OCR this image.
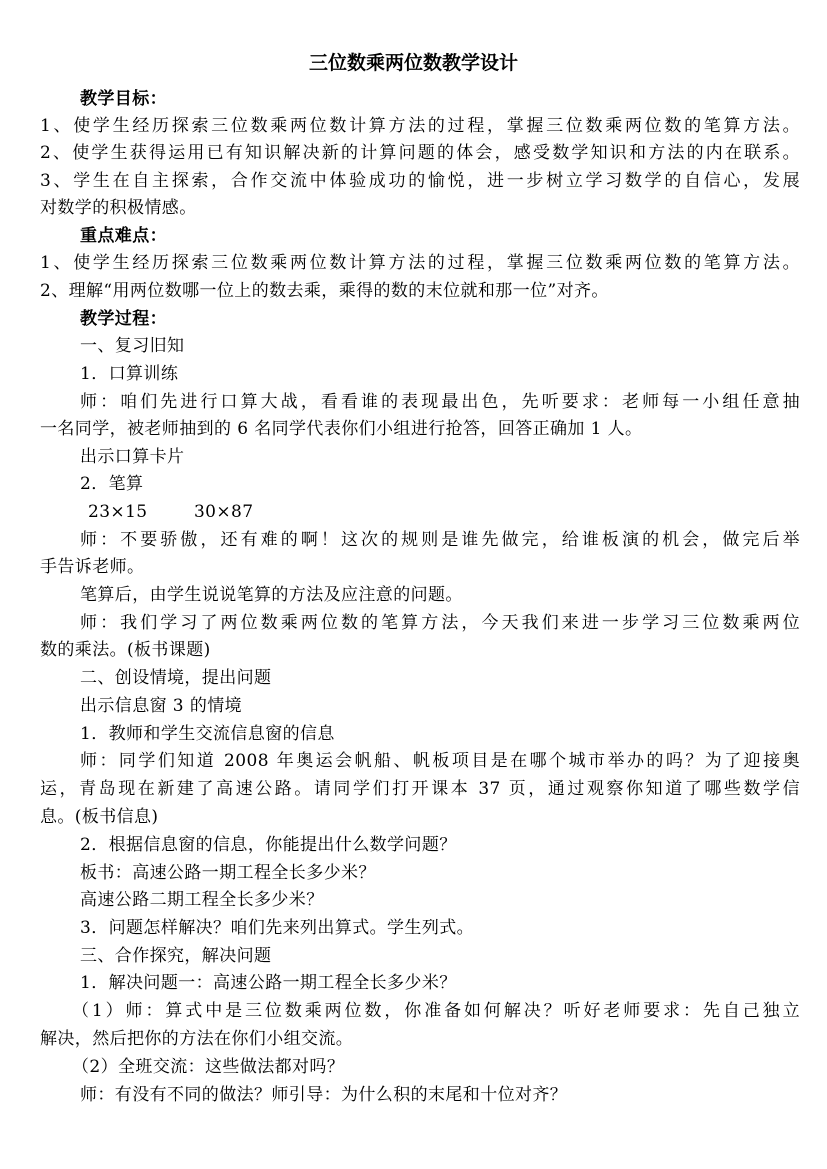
三位数乘两位数教学设计
教学目标：
1、使学生经历探索三位数乘两位数计算方法的过程，掌握三位数乘两位数的笔算方法。
2、使学生获得运用已有知识解决新的计算问题的体会，感受数学知识和方法的内在联系。
3、学生在自主探索，合作交流中体验成功的愉悦，进一步树立学习数学的自信心，发展
对数学的积极情感。
重点难点：
1、使学生经历探索三位数乘两位数计算方法的过程，掌握三位数乘两位数的笔算方法。
2、理解“用两位数哪一位上的数去乘，乘得的数的末位就和那一位”对齐。
教学过程：
一、复习旧知
1．口算训练
师：咱们先进行口算大战，看看谁的表现最出色，先听要求：老师每一小组任意抽
一名同学，被老师抽到的 6 名同学代表你们小组进行抢答，回答正确加 1 人。
出示口算卡片
2．笔算
23×15        30×87
师：不要骄傲，还有难的啊！这次的规则是谁先做完，给谁板演的机会，做完后举
手告诉老师。
笔算后，由学生说说笔算的方法及应注意的问题。
师：我们学习了两位数乘两位数的笔算方法，今天我们来进一步学习三位数乘两位
数的乘法。(板书课题)
二、创设情境，提出问题
出示信息窗 3 的情境
1．教师和学生交流信息窗的信息
师：同学们知道 2008 年奥运会帆船、帆板项目是在哪个城市举办的吗？为了迎接奥
运，青岛现在新建了高速公路。请同学们打开课本 37 页，通过观察你知道了哪些数学信
息。(板书信息)
2．根据信息窗的信息，你能提出什么数学问题？
板书：高速公路一期工程全长多少米？
高速公路二期工程全长多少米？
3．问题怎样解决？咱们先来列出算式。学生列式。
三、合作探究，解决问题
1．解决问题一：高速公路一期工程全长多少米？
（1）师：算式中是三位数乘两位数，你准备如何解决？听好老师要求：先自己独立
解决，然后把你的方法在你们小组交流。
（2）全班交流：这些做法都对吗？
师：有没有不同的做法？师引导：为什么积的末尾和十位对齐？
